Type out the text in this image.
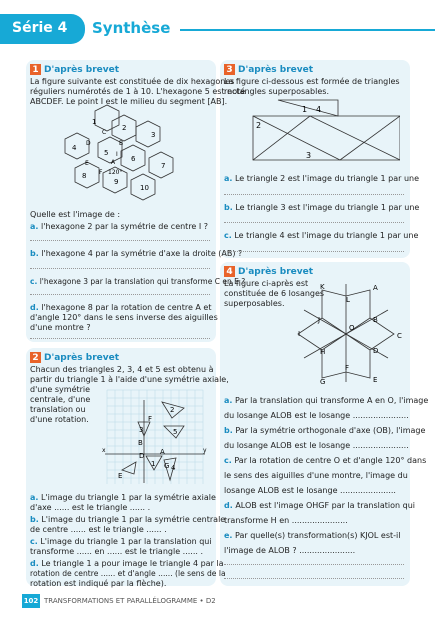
Série 4 Synthèse
1 D'après brevet

La figure suivante est constituée de dix hexagones

réguliers numérotés de 1 à 10. L'hexagone 5 est noté

ABCDEF. Le point I est le milieu du segment [AB].

1
2
3
4
5
6
7
8
9
10
C
B
D
I
E	A
F 120°

Quelle est l'image de :

a. l'hexagone 2 par la symétrie de centre I ?

b. l'hexagone 4 par la symétrie d'axe la droite (AB) ?

c. l'hexagone 3 par la translation qui transforme C en E ?

d. l'hexagone 8 par la rotation de centre A et

d'angle 120° dans le sens inverse des aiguilles

d'une montre ?

2 D'après brevet

Chacun des triangles 2, 3, 4 et 5 est obtenu à

partir du triangle 1 à l'aide d'une symétrie axiale,

d'une symétrie

centrale, d'une

translation ou

d'une rotation.

2
F
3	5
B
x
D A	y
1 G 4
E

a. L'image du triangle 1 par la symétrie axiale

d'axe ...... est le triangle ...... .

b. L'image du triangle 1 par la symétrie centrale

de centre ...... est le triangle ...... .

c. L'image du triangle 1 par la translation qui

transforme ...... en ...... est le triangle ...... .

d. Le triangle 1 a pour image le triangle 4 par la

rotation de centre ...... et d'angle ...... (le sens de la

rotation est indiqué par la flèche).

3 D'après brevet

La figure ci-dessous est formée de triangles

rectangles superposables.

1 4
2
3

a. Le triangle 2 est l'image du triangle 1 par une

b. Le triangle 3 est l'image du triangle 1 par une

c. Le triangle 4 est l'image du triangle 1 par une

4 D'après brevet

La figure ci-après est

constituée de 6 losanges

superposables.

K	A
L
J	B
O
I	C
H	D
F
G	E

a. Par la translation qui transforme A en O, l'image

du losange ALOB est le losange ......................

b. Par la symétrie orthogonale d'axe (OB), l'image

du losange ALOB est le losange ......................

c. Par la rotation de centre O et d'angle 120° dans

le sens des aiguilles d'une montre, l'image du

losange ALOB est le losange ......................

d. ALOB est l'image OHGF par la translation qui

transforme H en ......................

e. Par quelle(s) transformation(s) KJOL est-il

l'image de ALOB ? ......................

102 TRANSFORMATIONS ET PARALLÉLOGRAMME • D2
